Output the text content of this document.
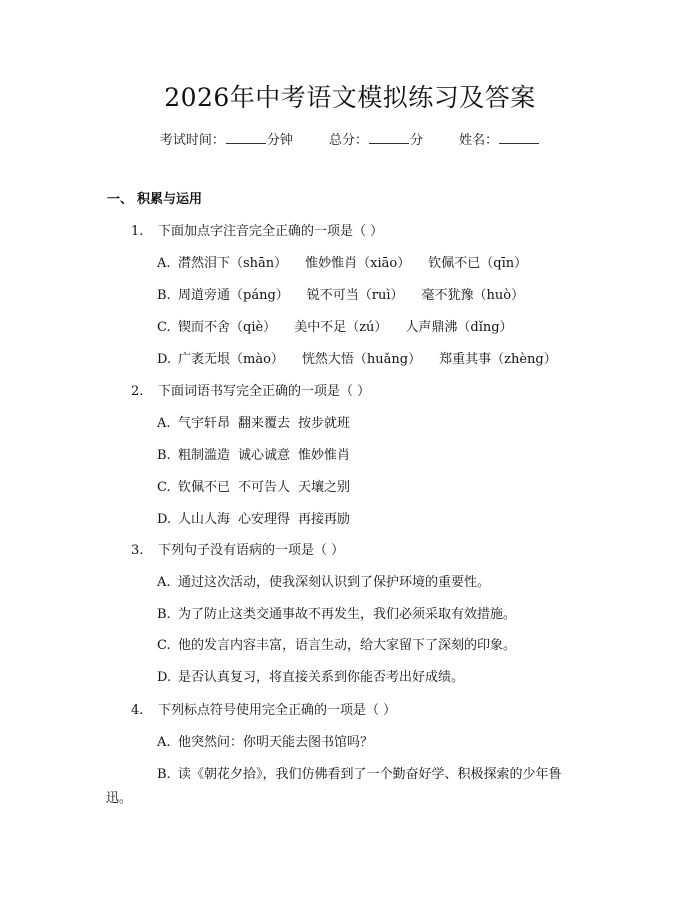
2026年中考语文模拟练习及答案
考试时间：	分钟	总分：	分	姓名：
一、 积累与运用
1. 下面加点字注音完全正确的一项是（ ）
A. 潸然泪下（shān） 惟妙惟肖（xiāo） 钦佩不已（qīn）
B. 周道旁通（páng） 锐不可当（ruì） 毫不犹豫（huò）
C. 锲而不舍（qiè） 美中不足（zú） 人声鼎沸（dǐng）
D. 广袤无垠（mào） 恍然大悟（huǎng） 郑重其事（zhèng）
2. 下面词语书写完全正确的一项是（ ）
A. 气宇轩昂 翻来覆去 按步就班
B. 粗制滥造 诚心诚意 惟妙惟肖
C. 钦佩不已 不可告人 天壤之别
D. 人山人海 心安理得 再接再励
3. 下列句子没有语病的一项是（ ）
A. 通过这次活动，使我深刻认识到了保护环境的重要性。
B. 为了防止这类交通事故不再发生，我们必须采取有效措施。
C. 他的发言内容丰富，语言生动，给大家留下了深刻的印象。
D. 是否认真复习，将直接关系到你能否考出好成绩。
4. 下列标点符号使用完全正确的一项是（ ）
A. 他突然问：你明天能去图书馆吗？
B. 读《朝花夕拾》，我们仿佛看到了一个勤奋好学、积极探索的少年鲁
迅。
